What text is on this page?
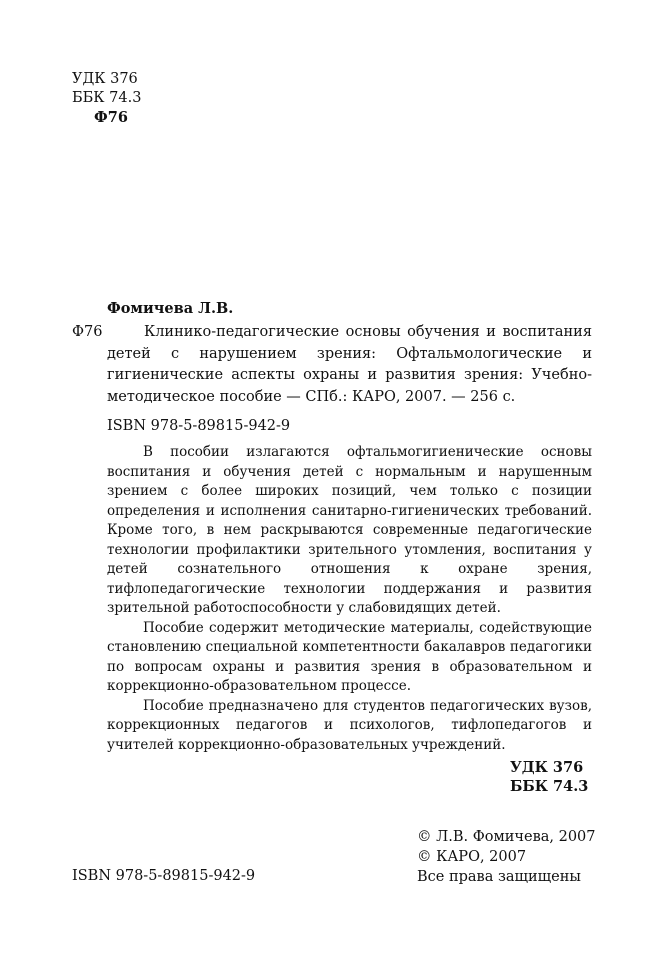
УДК 376
ББК 74.3
Ф76
Фомичева Л.В.
Ф76	Клинико-педагогические основы обучения и воспитания детей с нарушением зрения: Офтальмологические и гигиенические аспекты охраны и развития зрения: Учебно-методическое пособие — СПб.: КАРО, 2007. — 256 с.
ISBN 978-5-89815-942-9

В пособии излагаются офтальмогигиенические основы воспитания и обучения детей с нормальным и нарушенным зрением с более широких позиций, чем только с позиции определения и исполнения санитарно-гигиенических требований. Кроме того, в нем раскрываются современные педагогические технологии профилактики зрительного утомления, воспитания у детей сознательного отношения к охране зрения, тифлопедагогические технологии поддержания и развития зрительной работоспособности у слабовидящих детей.

Пособие содержит методические материалы, содействующие становлению специальной компетентности бакалавров педагогики по вопросам охраны и развития зрения в образовательном и коррекционно-образовательном процессе.

Пособие предназначено для студентов педагогических вузов, коррекционных педагогов и психологов, тифлопедагогов и учителей коррекционно-образовательных учреждений.

УДК 376
ББК 74.3
© Л.В. Фомичева, 2007
© КАРО, 2007
Все права защищены
ISBN 978-5-89815-942-9
